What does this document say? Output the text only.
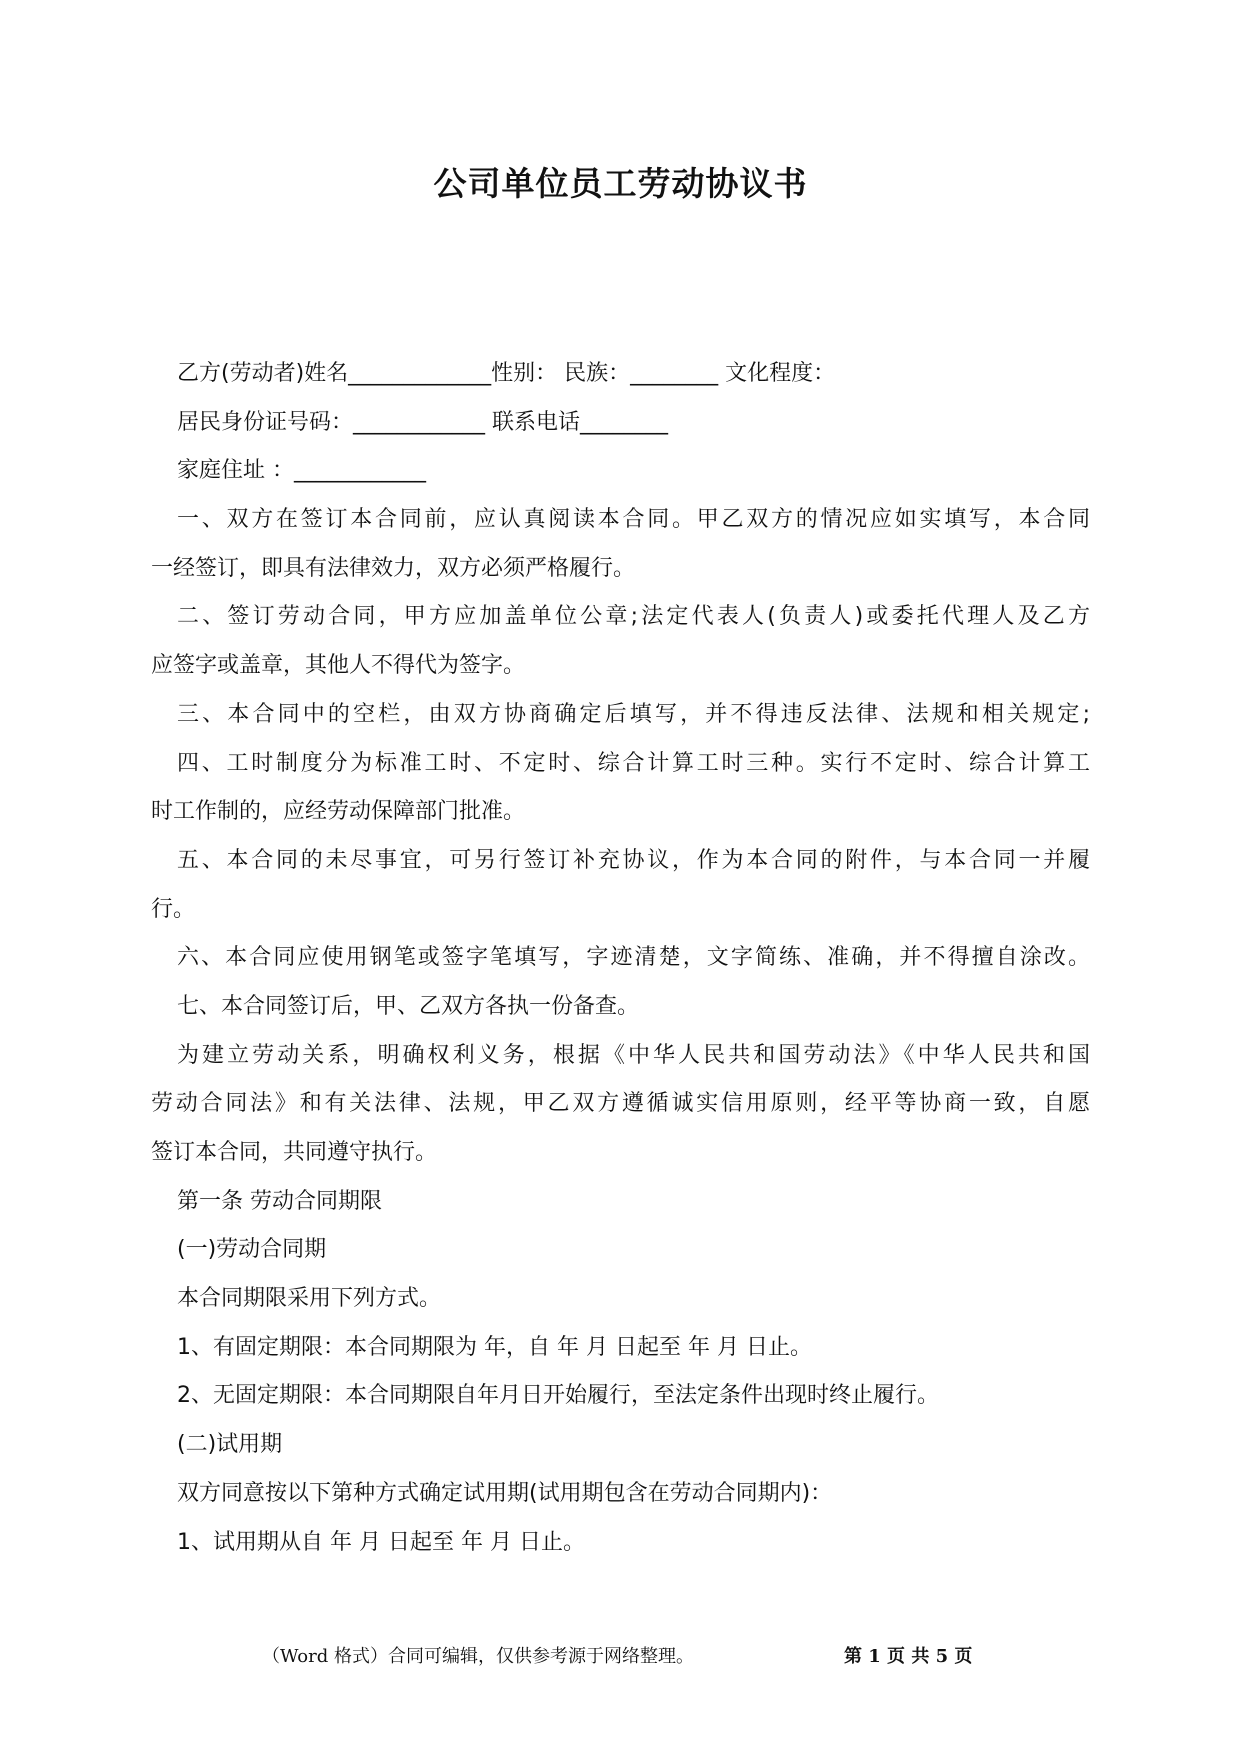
公司单位员工劳动协议书
乙方(劳动者)姓名_____________性别： 民族：________ 文化程度：
居民身份证号码：____________ 联系电话________
家庭住址 ：____________
一、双方在签订本合同前，应认真阅读本合同。甲乙双方的情况应如实填写，本合同
一经签订，即具有法律效力，双方必须严格履行。
二、签订劳动合同，甲方应加盖单位公章;法定代表人(负责人)或委托代理人及乙方
应签字或盖章，其他人不得代为签字。
三、本合同中的空栏，由双方协商确定后填写，并不得违反法律、法规和相关规定;
四、工时制度分为标准工时、不定时、综合计算工时三种。实行不定时、综合计算工
时工作制的，应经劳动保障部门批准。
五、本合同的未尽事宜，可另行签订补充协议，作为本合同的附件，与本合同一并履
行。
六、本合同应使用钢笔或签字笔填写，字迹清楚，文字简练、准确，并不得擅自涂改。
七、本合同签订后，甲、乙双方各执一份备查。
为建立劳动关系，明确权利义务，根据《中华人民共和国劳动法》《中华人民共和国
劳动合同法》和有关法律、法规，甲乙双方遵循诚实信用原则，经平等协商一致，自愿
签订本合同，共同遵守执行。
第一条 劳动合同期限
(一)劳动合同期
本合同期限采用下列方式。
1、有固定期限：本合同期限为 年，自 年 月 日起至 年 月 日止。
2、无固定期限：本合同期限自年月日开始履行，至法定条件出现时终止履行。
(二)试用期
双方同意按以下第种方式确定试用期(试用期包含在劳动合同期内)：
1、试用期从自 年 月 日起至 年 月 日止。
（Word 格式）合同可编辑，仅供参考源于网络整理。	第 1 页 共 5 页
